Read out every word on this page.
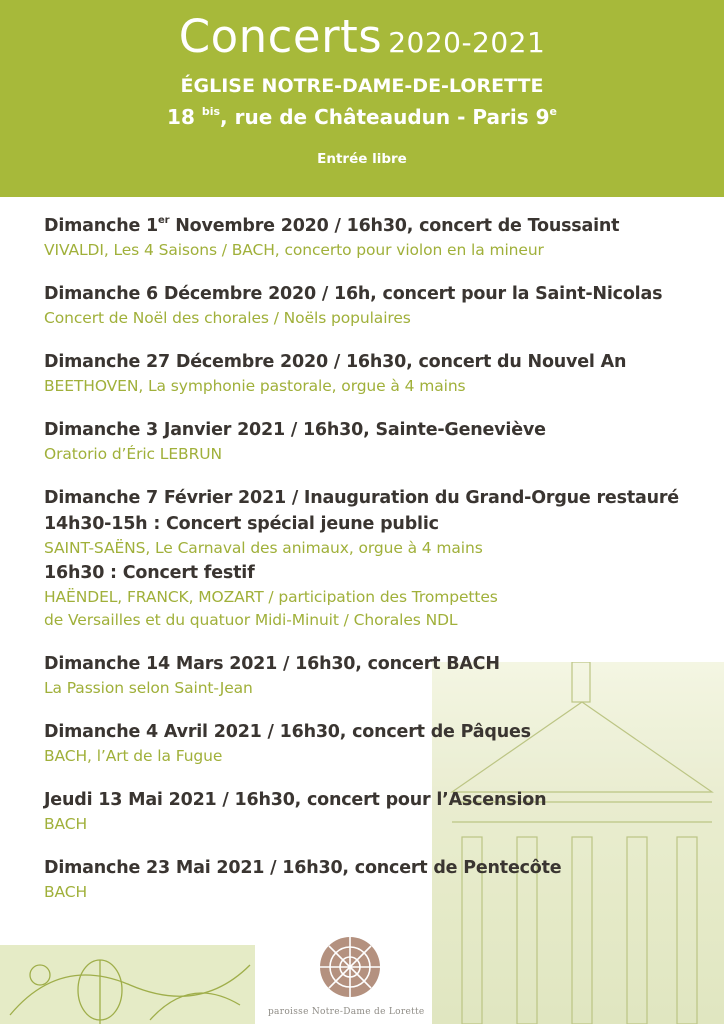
Concerts 2020-2021
ÉGLISE NOTRE-DAME-DE-LORETTE
18 $^{bis}$, rue de Châteaudun - Paris 9e
Entrée libre
Dimanche 1er Novembre 2020 / 16h30, concert de Toussaint
VIVALDI, Les 4 Saisons / BACH, concerto pour violon en la mineur
Dimanche 6 Décembre 2020 / 16h, concert pour la Saint-Nicolas
Concert de Noël des chorales / Noëls populaires
Dimanche 27 Décembre 2020 / 16h30, concert du Nouvel An
BEETHOVEN, La symphonie pastorale, orgue à 4 mains
Dimanche 3 Janvier 2021 / 16h30, Sainte-Geneviève
Oratorio d’Éric LEBRUN
Dimanche 7 Février 2021 / Inauguration du Grand-Orgue restauré
14h30-15h : Concert spécial jeune public
SAINT-SAËNS, Le Carnaval des animaux, orgue à 4 mains
16h30 : Concert festif
HAËNDEL, FRANCK, MOZART / participation des Trompettes
de Versailles et du quatuor Midi-Minuit / Chorales NDL
Dimanche 14 Mars 2021 / 16h30, concert BACH
La Passion selon Saint-Jean
Dimanche 4 Avril 2021 / 16h30, concert de Pâques
BACH, l’Art de la Fugue
Jeudi 13 Mai 2021 / 16h30, concert pour l’Ascension
BACH
Dimanche 23 Mai 2021 / 16h30, concert de Pentecôte
BACH
paroisse Notre-Dame de Lorette
